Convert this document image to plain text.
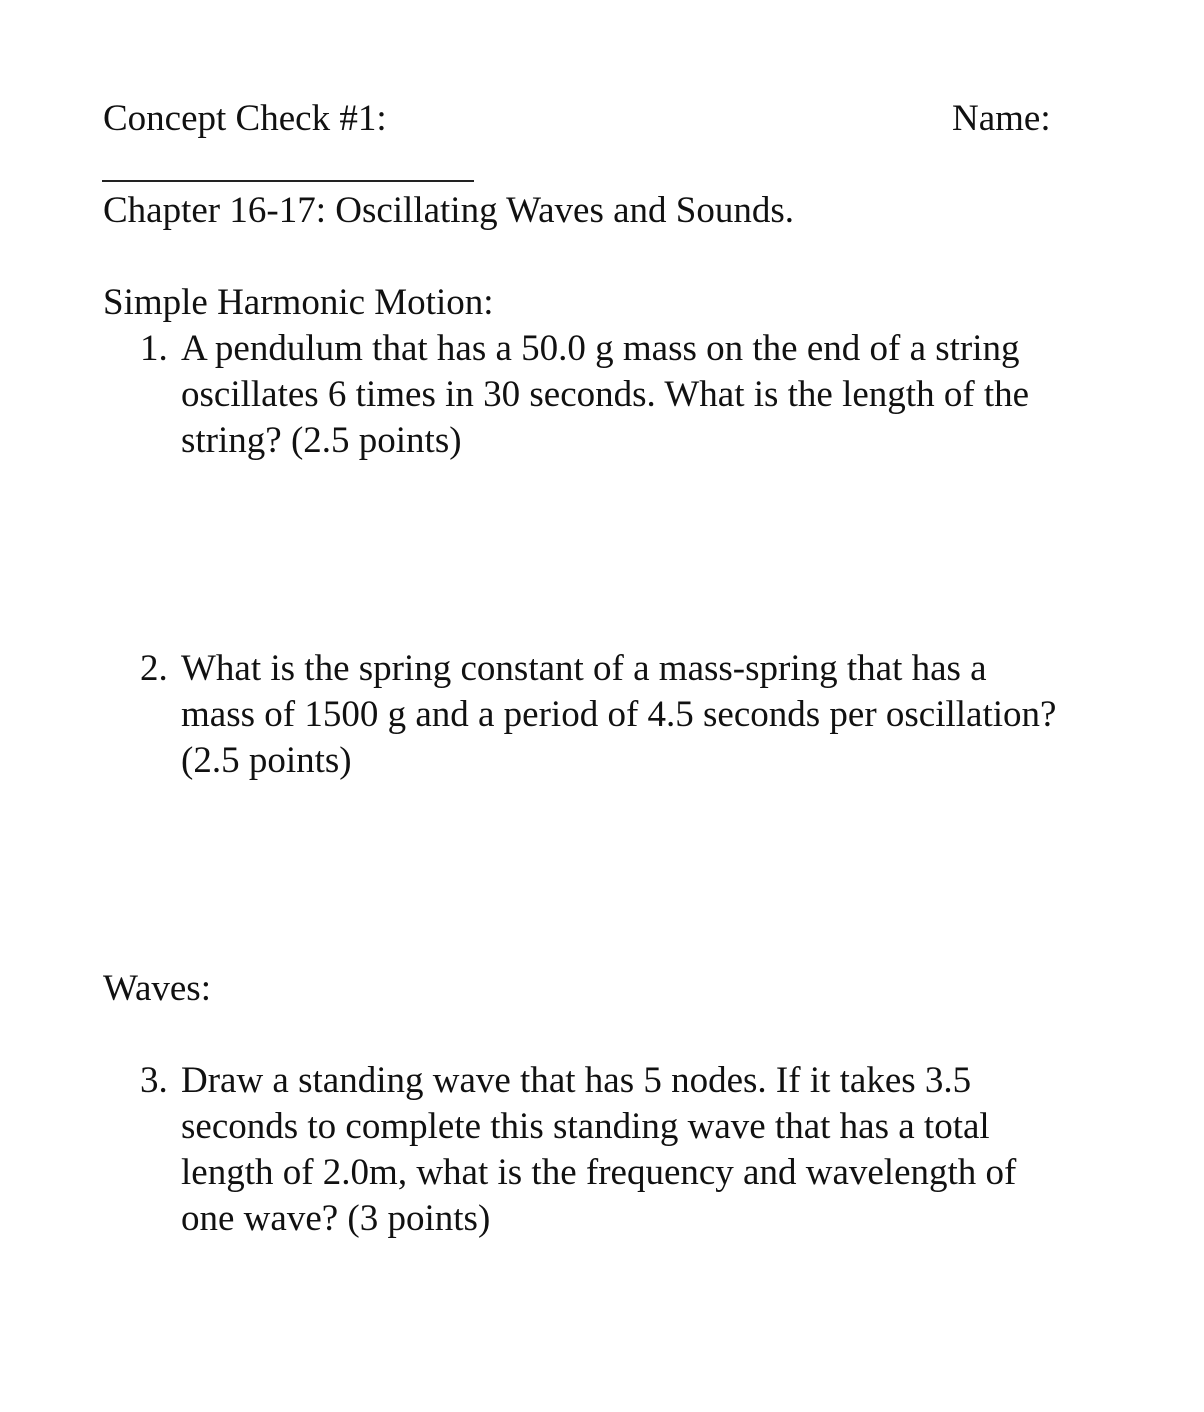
Concept Check #1:	Name:
Chapter 16-17: Oscillating Waves and Sounds.
Simple Harmonic Motion:
1. A pendulum that has a 50.0 g mass on the end of a string
oscillates 6 times in 30 seconds. What is the length of the
string? (2.5 points)
2. What is the spring constant of a mass-spring that has a
mass of 1500 g and a period of 4.5 seconds per oscillation?
(2.5 points)
Waves:
3. Draw a standing wave that has 5 nodes. If it takes 3.5
seconds to complete this standing wave that has a total
length of 2.0m, what is the frequency and wavelength of
one wave? (3 points)
